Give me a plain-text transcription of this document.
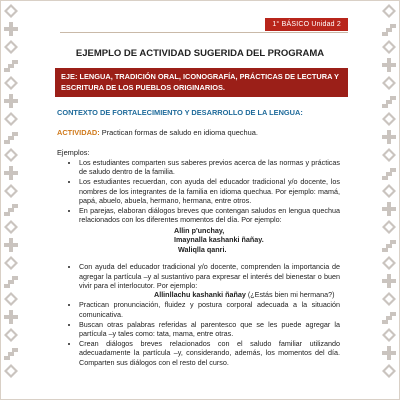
1° BÁSICO Unidad 2
EJEMPLO DE ACTIVIDAD SUGERIDA DEL PROGRAMA
EJE: LENGUA, TRADICIÓN ORAL, ICONOGRAFÍA, PRÁCTICAS DE LECTURA Y ESCRITURA DE LOS PUEBLOS ORIGINARIOS.
CONTEXTO DE FORTALECIMIENTO Y DESARROLLO DE LA LENGUA:
ACTIVIDAD: Practican formas de saludo en idioma quechua.
Ejemplos:
• Los estudiantes comparten sus saberes previos acerca de las normas y prácticas de saludo dentro de la familia.
• Los estudiantes recuerdan, con ayuda del educador tradicional y/o docente, los nombres de los integrantes de la familia en idioma quechua. Por ejemplo: mamá, papá, abuelo, abuela, hermano, hermana, entre otros.
• En parejas, elaboran diálogos breves que contengan saludos en lengua quechua relacionados con los diferentes momentos del día. Por ejemplo:
Allin p'unchay,
Imaynalla kashanki ñañay.
Waliqlla qanri.
• Con ayuda del educador tradicional y/o docente, comprenden la importancia de agregar la partícula –y al sustantivo para expresar el interés del bienestar o buen vivir para el interlocutor. Por ejemplo:
Allinllachu kashanki ñañay (¿Estás bien mi hermana?)
• Practican pronunciación, fluidez y postura corporal adecuada a la situación comunicativa.
• Buscan otras palabras referidas al parentesco que se les puede agregar la partícula –y tales como: tata, mama, entre otras.
• Crean diálogos breves relacionados con el saludo familiar utilizando adecuadamente la partícula –y, considerando, además, los momentos del día. Comparten sus diálogos con el resto del curso.
